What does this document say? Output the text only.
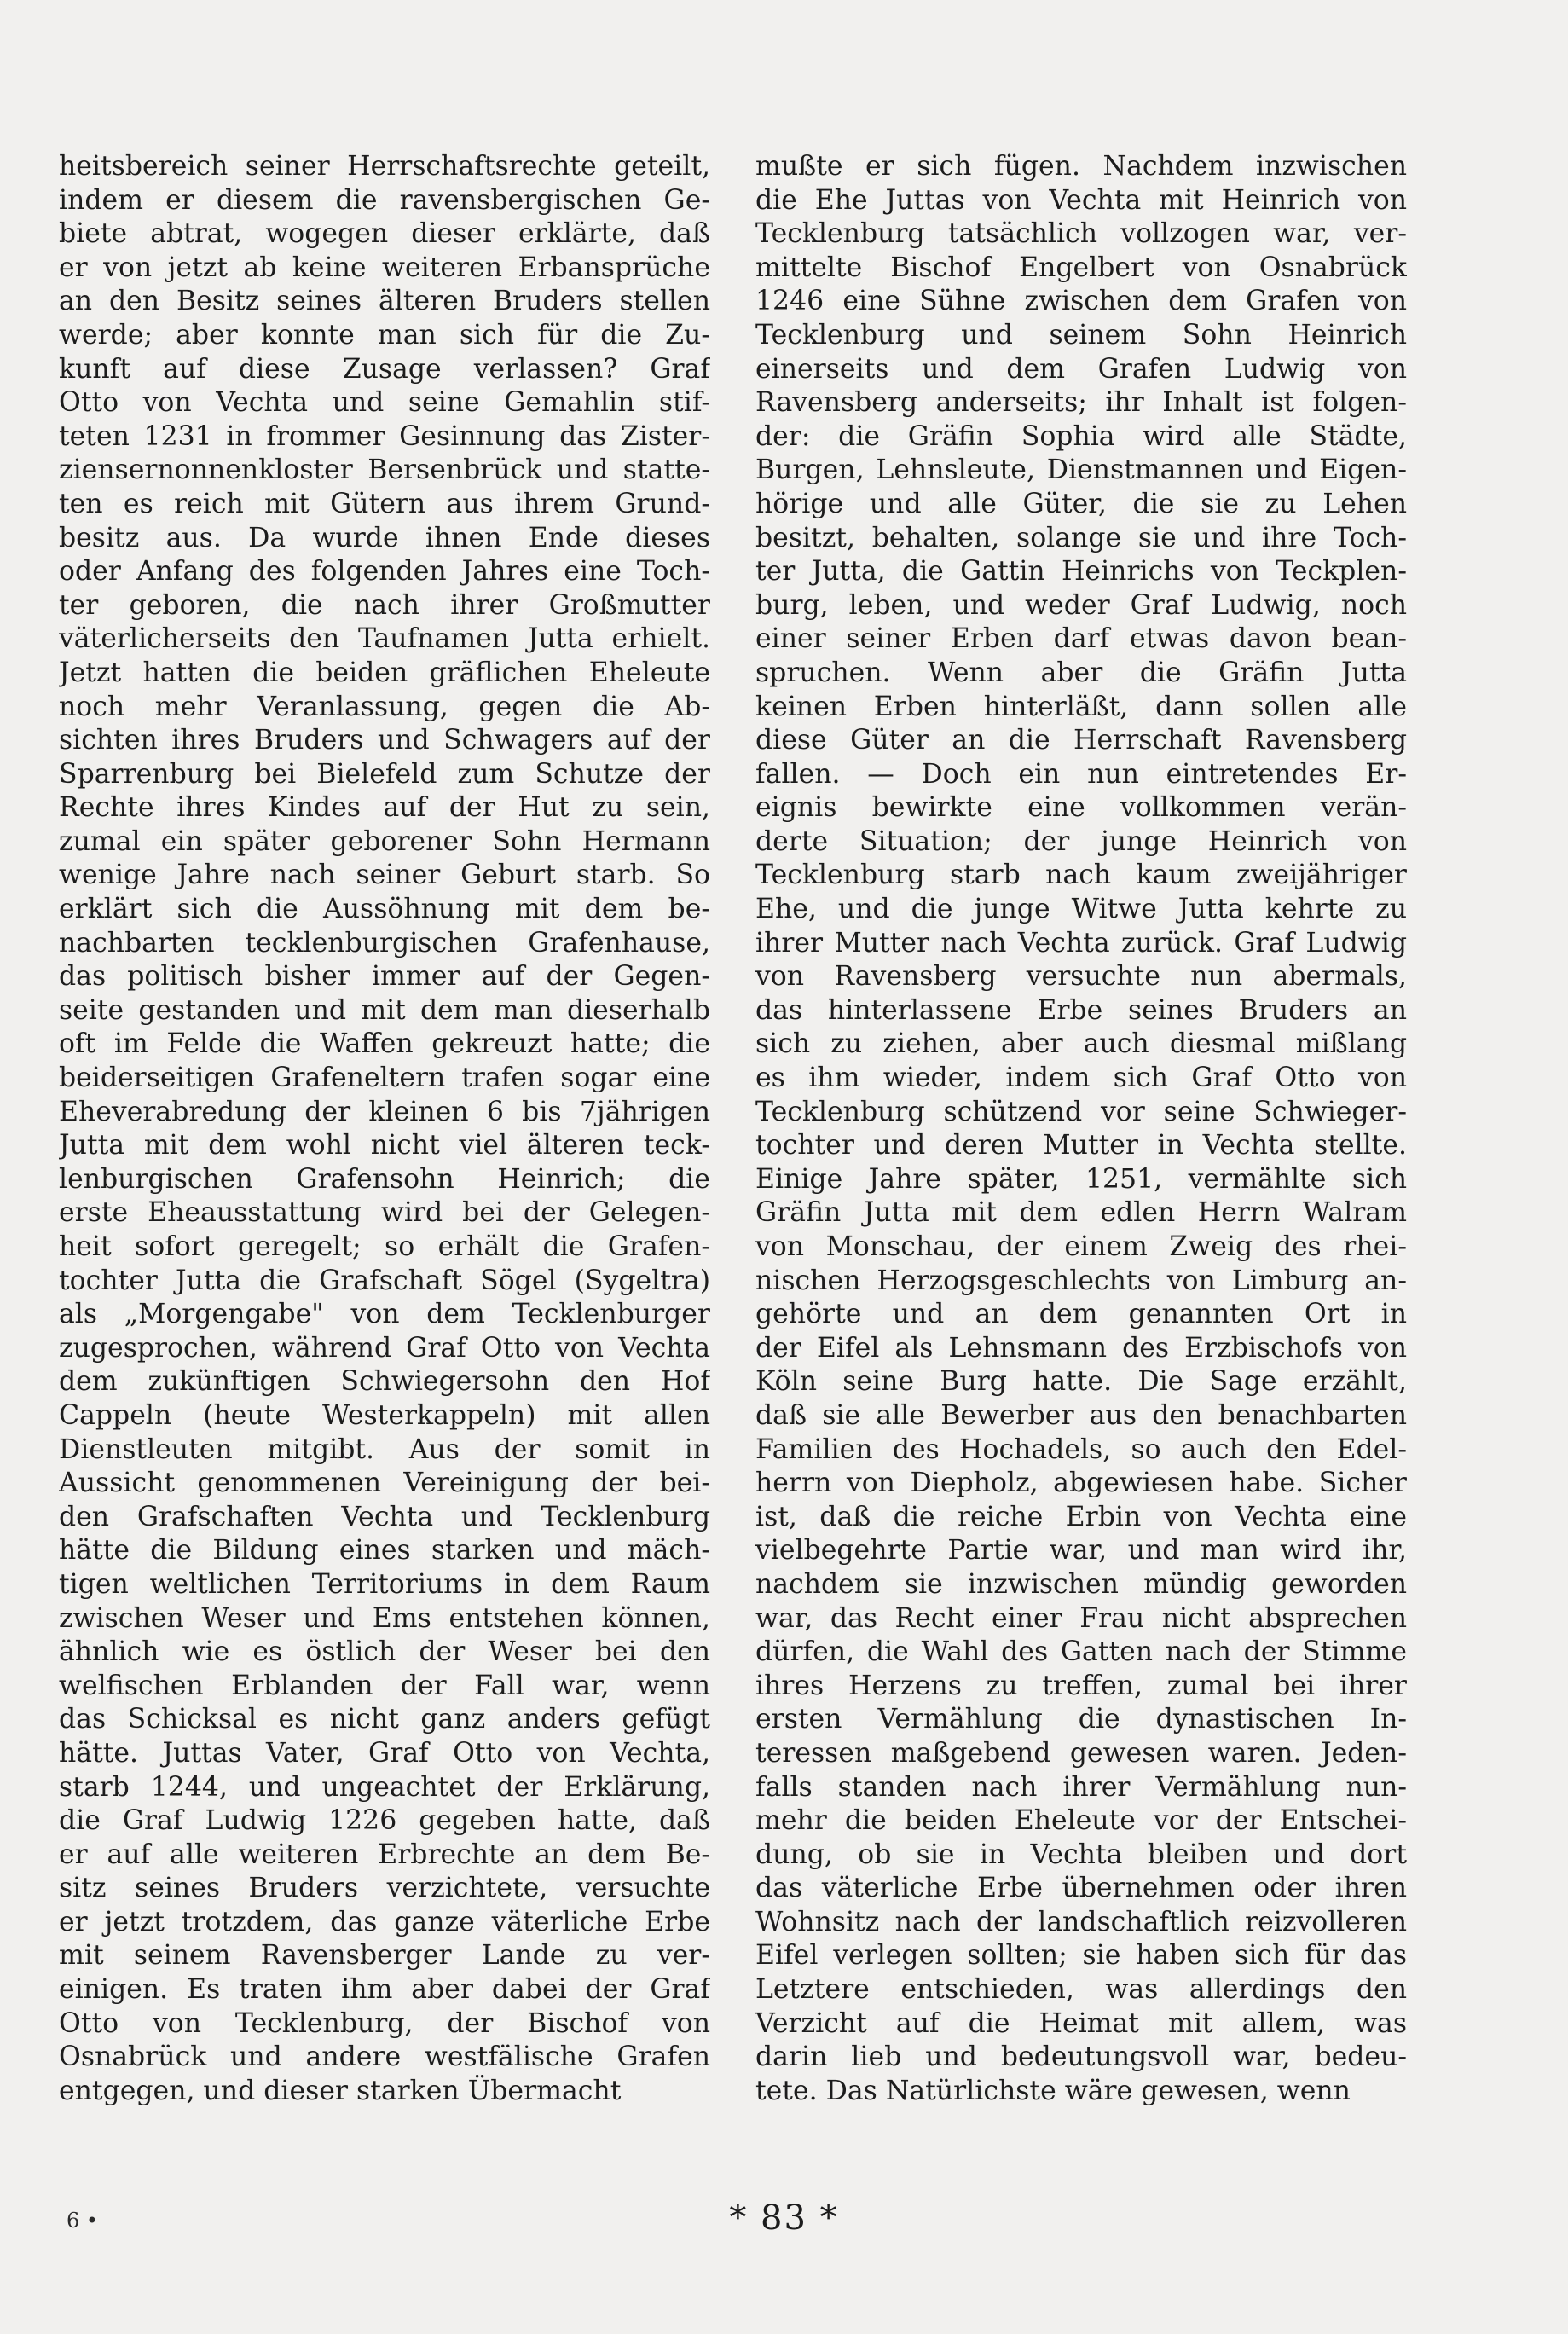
heitsbereich seiner Herrschaftsrechte geteilt,
indem er diesem die ravensbergischen Ge-
biete abtrat, wogegen dieser erklärte, daß
er von jetzt ab keine weiteren Erbansprüche
an den Besitz seines älteren Bruders stellen
werde; aber konnte man sich für die Zu-
kunft auf diese Zusage verlassen? Graf
Otto von Vechta und seine Gemahlin stif-
teten 1231 in frommer Gesinnung das Zister-
ziensernonnenkloster Bersenbrück und statte-
ten es reich mit Gütern aus ihrem Grund-
besitz aus. Da wurde ihnen Ende dieses
oder Anfang des folgenden Jahres eine Toch-
ter geboren, die nach ihrer Großmutter
väterlicherseits den Taufnamen Jutta erhielt.
Jetzt hatten die beiden gräflichen Eheleute
noch mehr Veranlassung, gegen die Ab-
sichten ihres Bruders und Schwagers auf der
Sparrenburg bei Bielefeld zum Schutze der
Rechte ihres Kindes auf der Hut zu sein,
zumal ein später geborener Sohn Hermann
wenige Jahre nach seiner Geburt starb. So
erklärt sich die Aussöhnung mit dem be-
nachbarten tecklenburgischen Grafenhause,
das politisch bisher immer auf der Gegen-
seite gestanden und mit dem man dieserhalb
oft im Felde die Waffen gekreuzt hatte; die
beiderseitigen Grafeneltern trafen sogar eine
Eheverabredung der kleinen 6 bis 7jährigen
Jutta mit dem wohl nicht viel älteren teck-
lenburgischen Grafensohn Heinrich; die
erste Eheausstattung wird bei der Gelegen-
heit sofort geregelt; so erhält die Grafen-
tochter Jutta die Grafschaft Sögel (Sygeltra)
als „Morgengabe" von dem Tecklenburger
zugesprochen, während Graf Otto von Vechta
dem zukünftigen Schwiegersohn den Hof
Cappeln (heute Westerkappeln) mit allen
Dienstleuten mitgibt. Aus der somit in
Aussicht genommenen Vereinigung der bei-
den Grafschaften Vechta und Tecklenburg
hätte die Bildung eines starken und mäch-
tigen weltlichen Territoriums in dem Raum
zwischen Weser und Ems entstehen können,
ähnlich wie es östlich der Weser bei den
welfischen Erblanden der Fall war, wenn
das Schicksal es nicht ganz anders gefügt
hätte. Juttas Vater, Graf Otto von Vechta,
starb 1244, und ungeachtet der Erklärung,
die Graf Ludwig 1226 gegeben hatte, daß
er auf alle weiteren Erbrechte an dem Be-
sitz seines Bruders verzichtete, versuchte
er jetzt trotzdem, das ganze väterliche Erbe
mit seinem Ravensberger Lande zu ver-
einigen. Es traten ihm aber dabei der Graf
Otto von Tecklenburg, der Bischof von
Osnabrück und andere westfälische Grafen
entgegen, und dieser starken Übermacht
mußte er sich fügen. Nachdem inzwischen
die Ehe Juttas von Vechta mit Heinrich von
Tecklenburg tatsächlich vollzogen war, ver-
mittelte Bischof Engelbert von Osnabrück
1246 eine Sühne zwischen dem Grafen von
Tecklenburg und seinem Sohn Heinrich
einerseits und dem Grafen Ludwig von
Ravensberg anderseits; ihr Inhalt ist folgen-
der: die Gräfin Sophia wird alle Städte,
Burgen, Lehnsleute, Dienstmannen und Eigen-
hörige und alle Güter, die sie zu Lehen
besitzt, behalten, solange sie und ihre Toch-
ter Jutta, die Gattin Heinrichs von Teckplen-
burg, leben, und weder Graf Ludwig, noch
einer seiner Erben darf etwas davon bean-
spruchen. Wenn aber die Gräfin Jutta
keinen Erben hinterläßt, dann sollen alle
diese Güter an die Herrschaft Ravensberg
fallen. — Doch ein nun eintretendes Er-
eignis bewirkte eine vollkommen verän-
derte Situation; der junge Heinrich von
Tecklenburg starb nach kaum zweijähriger
Ehe, und die junge Witwe Jutta kehrte zu
ihrer Mutter nach Vechta zurück. Graf Ludwig
von Ravensberg versuchte nun abermals,
das hinterlassene Erbe seines Bruders an
sich zu ziehen, aber auch diesmal mißlang
es ihm wieder, indem sich Graf Otto von
Tecklenburg schützend vor seine Schwieger-
tochter und deren Mutter in Vechta stellte.
Einige Jahre später, 1251, vermählte sich
Gräfin Jutta mit dem edlen Herrn Walram
von Monschau, der einem Zweig des rhei-
nischen Herzogsgeschlechts von Limburg an-
gehörte und an dem genannten Ort in
der Eifel als Lehnsmann des Erzbischofs von
Köln seine Burg hatte. Die Sage erzählt,
daß sie alle Bewerber aus den benachbarten
Familien des Hochadels, so auch den Edel-
herrn von Diepholz, abgewiesen habe. Sicher
ist, daß die reiche Erbin von Vechta eine
vielbegehrte Partie war, und man wird ihr,
nachdem sie inzwischen mündig geworden
war, das Recht einer Frau nicht absprechen
dürfen, die Wahl des Gatten nach der Stimme
ihres Herzens zu treffen, zumal bei ihrer
ersten Vermählung die dynastischen In-
teressen maßgebend gewesen waren. Jeden-
falls standen nach ihrer Vermählung nun-
mehr die beiden Eheleute vor der Entschei-
dung, ob sie in Vechta bleiben und dort
das väterliche Erbe übernehmen oder ihren
Wohnsitz nach der landschaftlich reizvolleren
Eifel verlegen sollten; sie haben sich für das
Letztere entschieden, was allerdings den
Verzicht auf die Heimat mit allem, was
darin lieb und bedeutungsvoll war, bedeu-
tete. Das Natürlichste wäre gewesen, wenn
6 •	* 83 *
